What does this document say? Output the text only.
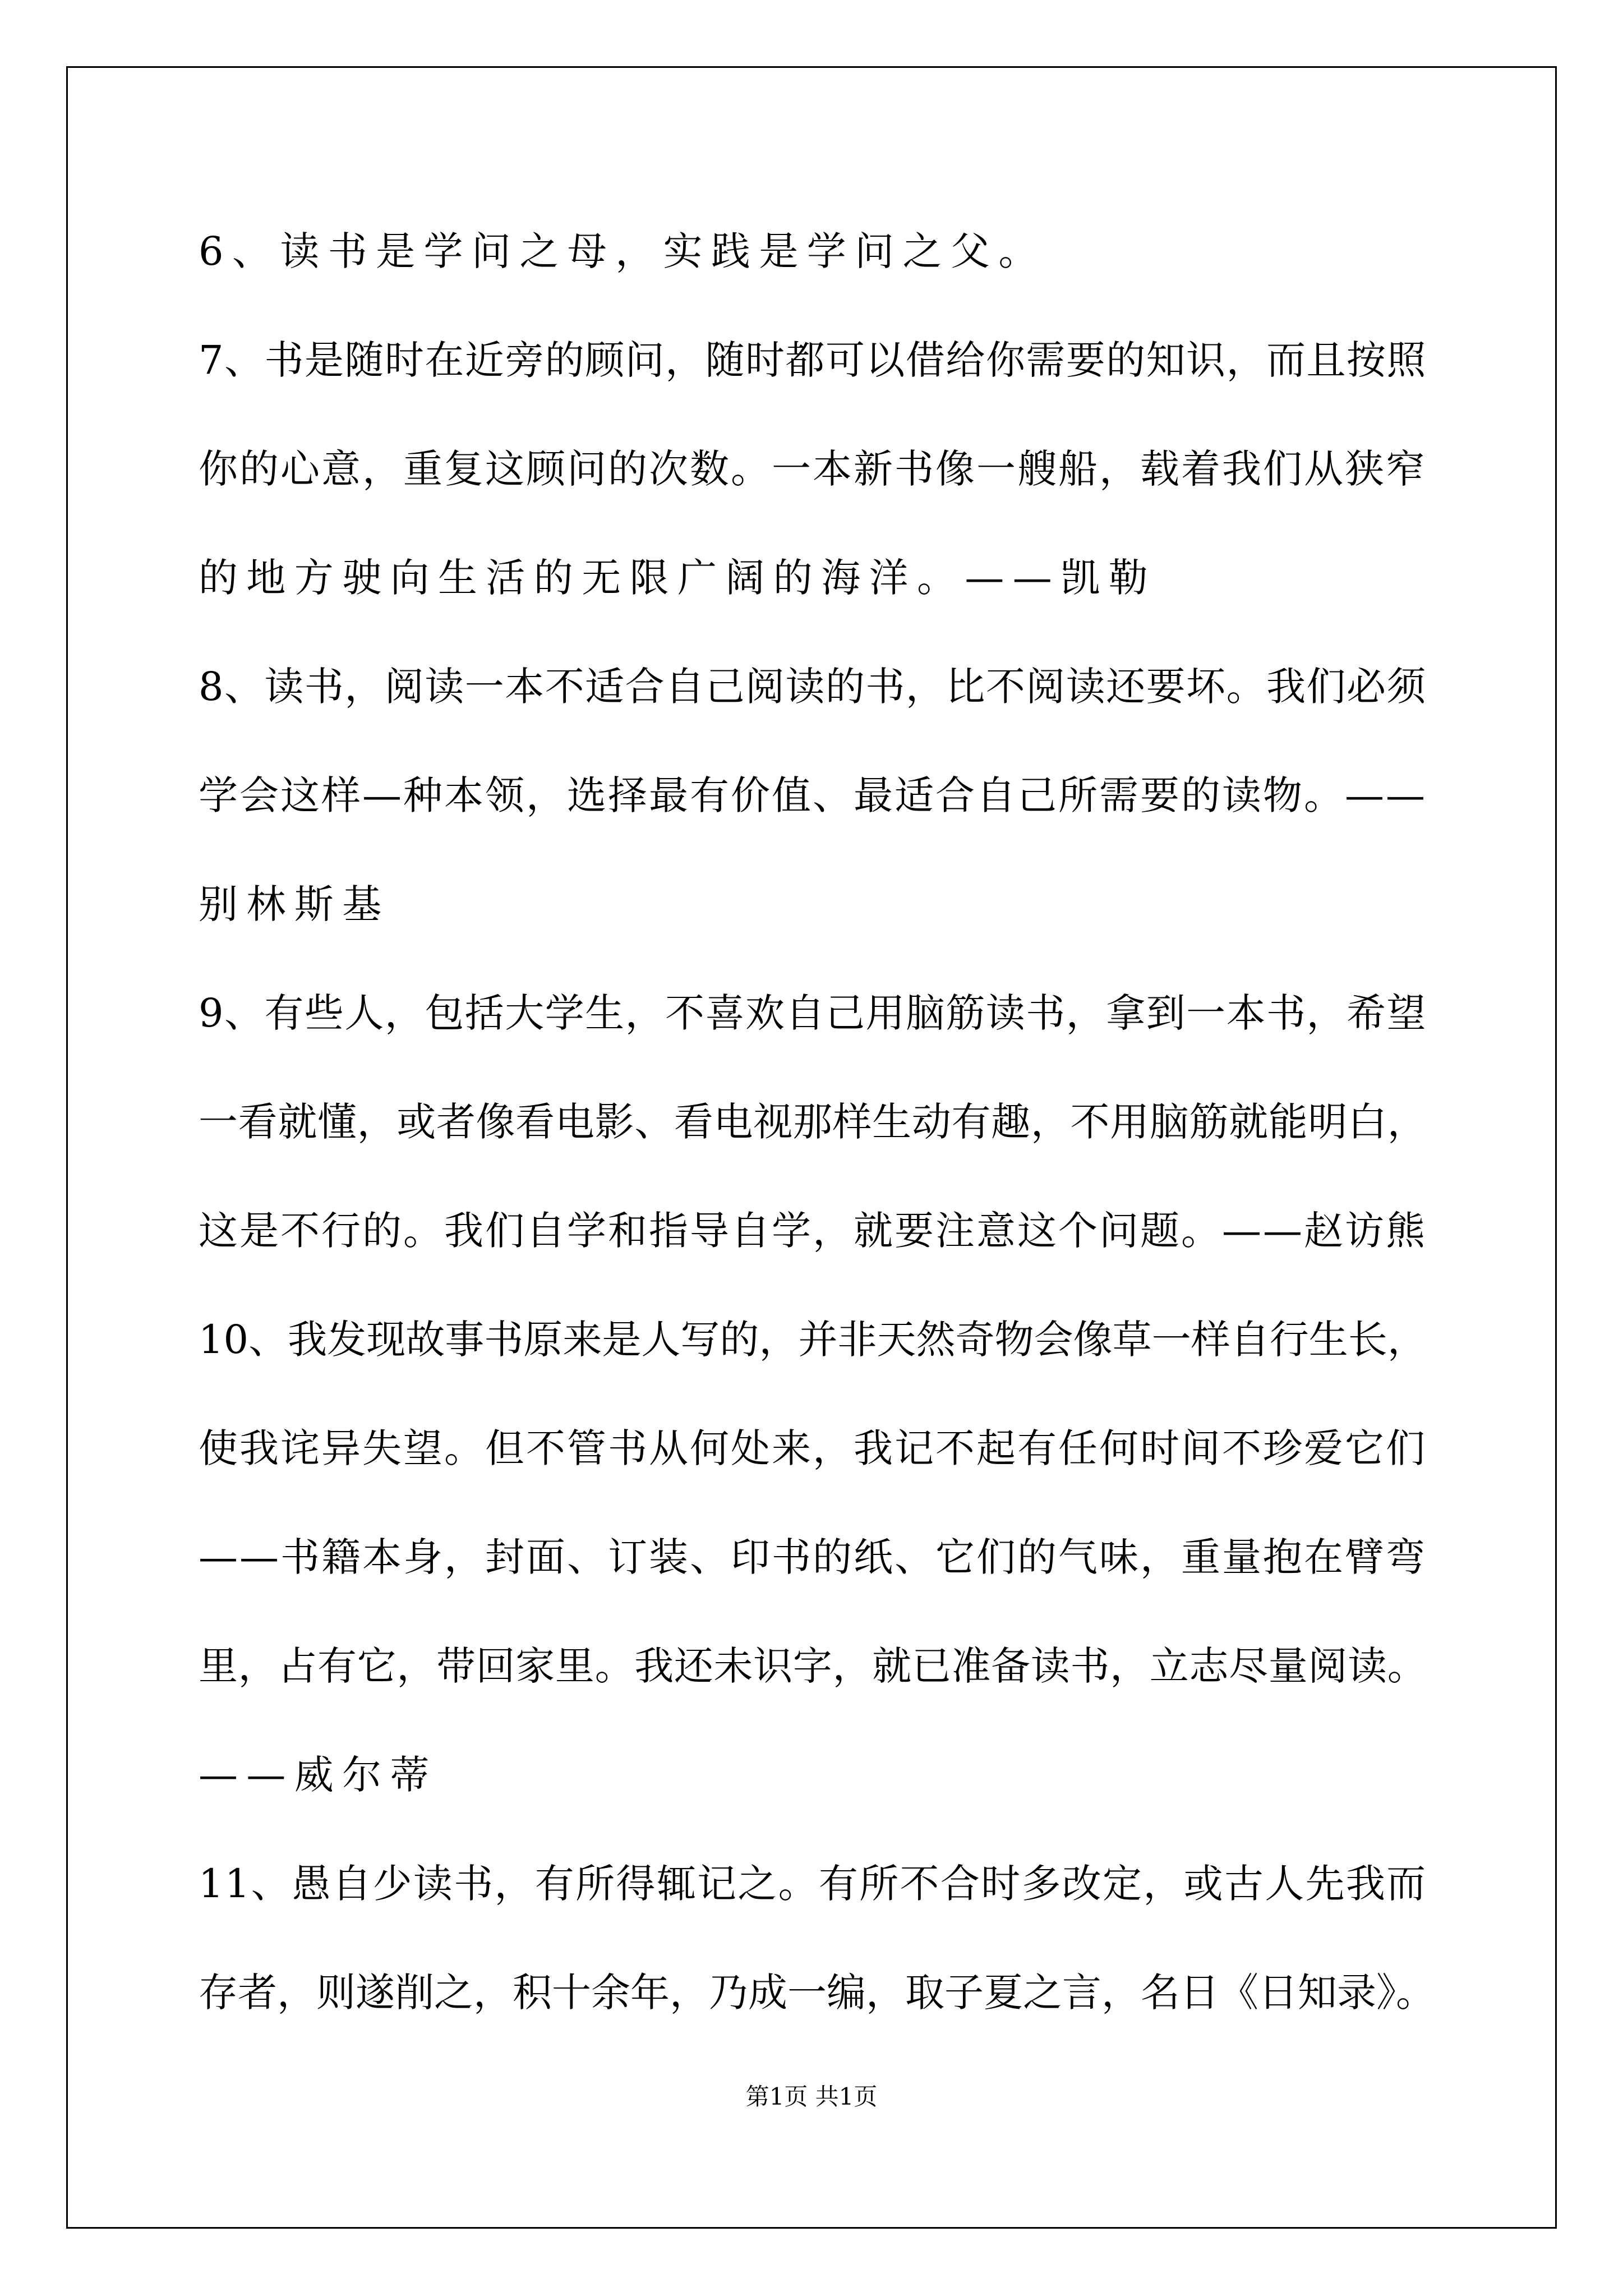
6、读书是学问之母，实践是学问之父。

7、书是随时在近旁的顾问，随时都可以借给你需要的知识，而且按照

你的心意，重复这顾问的次数。一本新书像一艘船，载着我们从狭窄

的地方驶向生活的无限广阔的海洋。——凯勒

8、读书，阅读一本不适合自己阅读的书，比不阅读还要坏。我们必须

学会这样—种本领，选择最有价值、最适合自己所需要的读物。——

别林斯基

9、有些人，包括大学生，不喜欢自己用脑筋读书，拿到一本书，希望

一看就懂，或者像看电影、看电视那样生动有趣，不用脑筋就能明白，

这是不行的。我们自学和指导自学，就要注意这个问题。——赵访熊

10、我发现故事书原来是人写的，并非天然奇物会像草一样自行生长，

使我诧异失望。但不管书从何处来，我记不起有任何时间不珍爱它们

——书籍本身，封面、订装、印书的纸、它们的气味，重量抱在臂弯

里，占有它，带回家里。我还未识字，就已准备读书，立志尽量阅读。

——威尔蒂

11、愚自少读书，有所得辄记之。有所不合时多改定，或古人先我而

存者，则遂削之，积十余年，乃成一编，取子夏之言，名日《日知录》。

第1页 共1页
